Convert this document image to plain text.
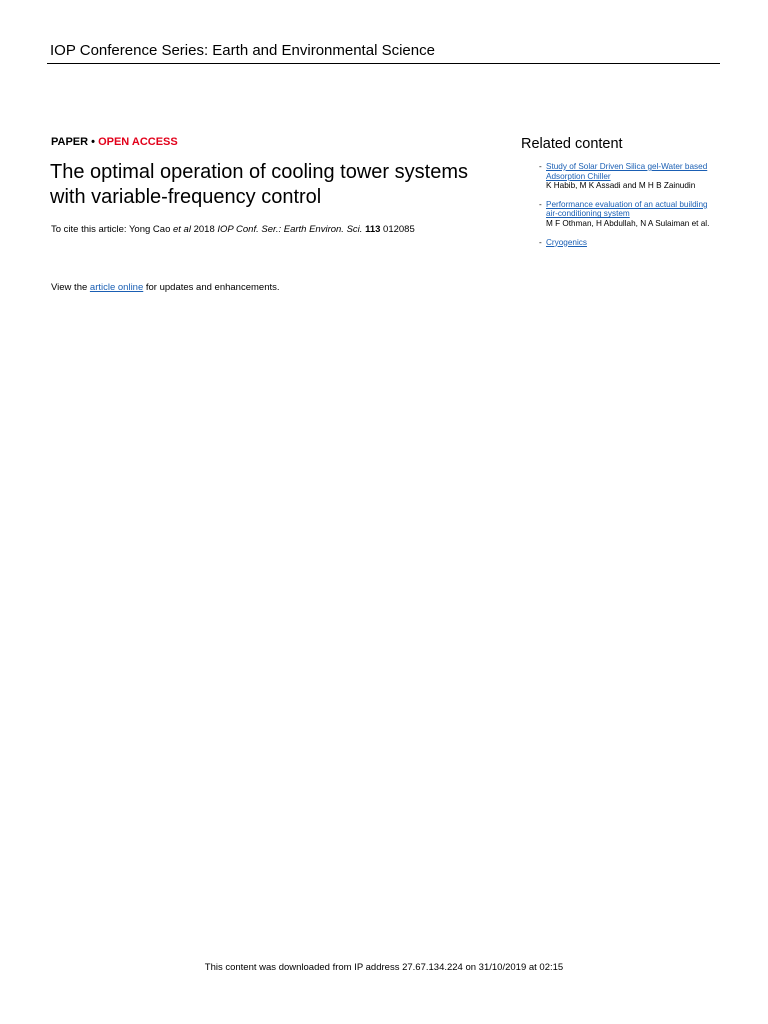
IOP Conference Series: Earth and Environmental Science
PAPER • OPEN ACCESS
The optimal operation of cooling tower systems with variable-frequency control
To cite this article: Yong Cao et al 2018 IOP Conf. Ser.: Earth Environ. Sci. 113 012085
View the article online for updates and enhancements.
Related content
- Study of Solar Driven Silica gel-Water based Adsorption Chiller
K Habib, M K Assadi and M H B Zainudin
- Performance evaluation of an actual building air-conditioning system
M F Othman, H Abdullah, N A Sulaiman et al.
- Cryogenics
This content was downloaded from IP address 27.67.134.224 on 31/10/2019 at 02:15
